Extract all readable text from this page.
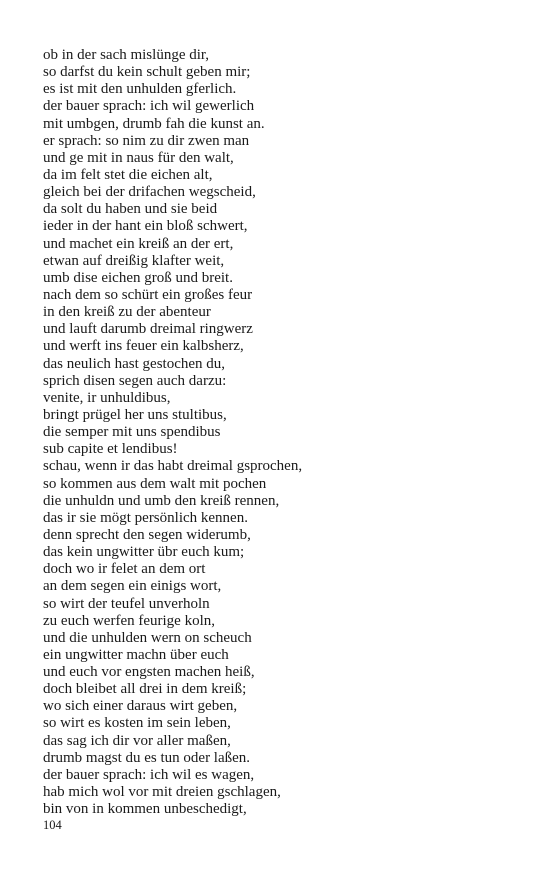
ob in der sach mislünge dir,
so darfst du kein schult geben mir;
es ist mit den unhulden gferlich.
der bauer sprach: ich wil gewerlich
mit umbgen, drumb fah die kunst an.
er sprach: so nim zu dir zwen man
und ge mit in naus für den walt,
da im felt stet die eichen alt,
gleich bei der drifachen wegscheid,
da solt du haben und sie beid
ieder in der hant ein bloß schwert,
und machet ein kreiß an der ert,
etwan auf dreißig klafter weit,
umb dise eichen groß und breit.
nach dem so schürt ein großes feur
in den kreiß zu der abenteur
und lauft darumb dreimal ringwerz
und werft ins feuer ein kalbsherz,
das neulich hast gestochen du,
sprich disen segen auch darzu:
venite, ir unhuldibus,
bringt prügel her uns stultibus,
die semper mit uns spendibus
sub capite et lendibus!
schau, wenn ir das habt dreimal gsprochen,
so kommen aus dem walt mit pochen
die unhuldn und umb den kreiß rennen,
das ir sie mögt persönlich kennen.
denn sprecht den segen widerumb,
das kein ungwitter übr euch kum;
doch wo ir felet an dem ort
an dem segen ein einigs wort,
so wirt der teufel unverholn
zu euch werfen feurige koln,
und die unhulden wern on scheuch
ein ungwitter machn über euch
und euch vor engsten machen heiß,
doch bleibet all drei in dem kreiß;
wo sich einer daraus wirt geben,
so wirt es kosten im sein leben,
das sag ich dir vor aller maßen,
drumb magst du es tun oder laßen.
der bauer sprach: ich wil es wagen,
hab mich wol vor mit dreien gschlagen,
bin von in kommen unbeschedigt,
104
